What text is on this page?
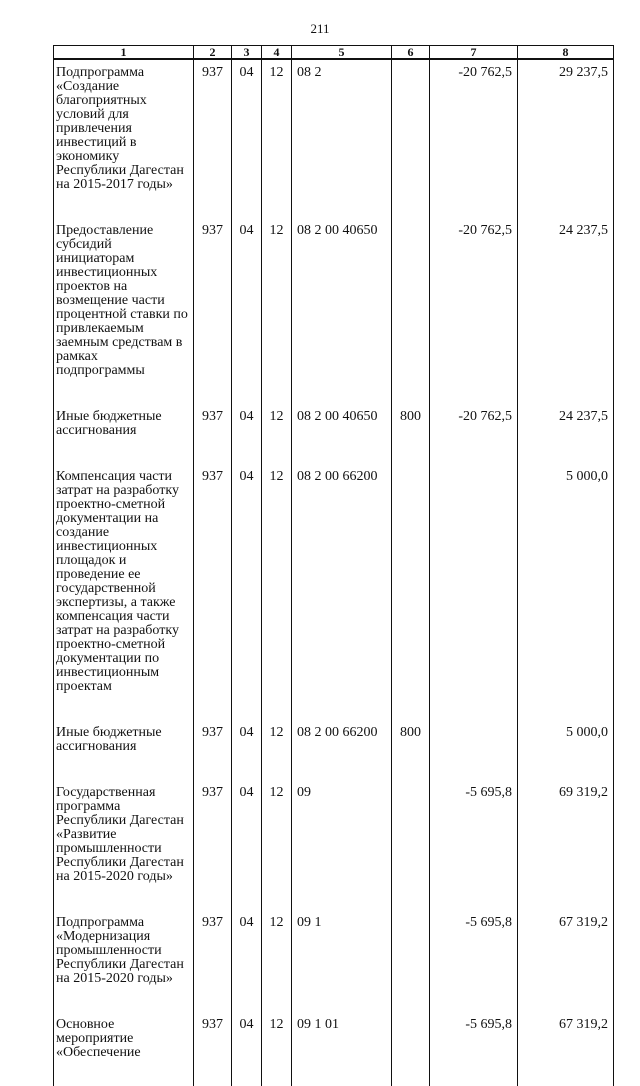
211
1	2	3	4	5	6	7	8
Подпрограмма «Создание благоприятных условий для привлечения инвестиций в экономику Республики Дагестан на 2015-2017 годы»	937	04	12	08 2		-20 762,5	29 237,5
Предоставление субсидий инициаторам инвестиционных проектов на возмещение части процентной ставки по привлекаемым заемным средствам в рамках подпрограммы	937	04	12	08 2 00 40650		-20 762,5	24 237,5
Иные бюджетные ассигнования	937	04	12	08 2 00 40650	800	-20 762,5	24 237,5
Компенсация части затрат на разработку проектно-сметной документации на создание инвестиционных площадок и проведение ее государственной экспертизы, а также компенсация части затрат на разработку проектно-сметной документации по инвестиционным проектам	937	04	12	08 2 00 66200			5 000,0
Иные бюджетные ассигнования	937	04	12	08 2 00 66200	800		5 000,0
Государственная программа Республики Дагестан «Развитие промышленности Республики Дагестан на 2015-2020 годы»	937	04	12	09		-5 695,8	69 319,2
Подпрограмма «Модернизация промышленности Республики Дагестан на 2015-2020 годы»	937	04	12	09 1		-5 695,8	67 319,2
Основное мероприятие «Обеспечение	937	04	12	09 1 01		-5 695,8	67 319,2
